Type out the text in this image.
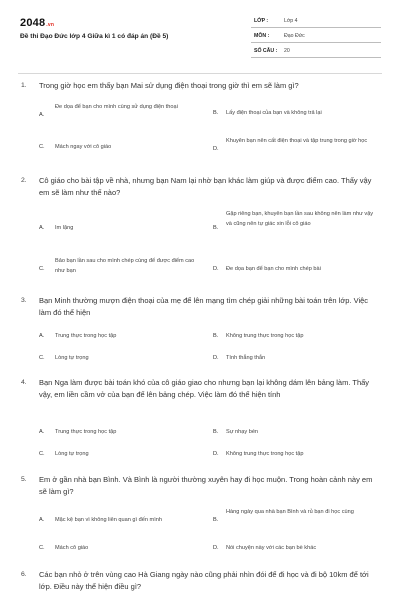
2048.vn
Đề thi Đạo Đức lớp 4 Giữa kì 1 có đáp án (Đề 5)
LỚP :	Lớp 4
MÔN :	Đạo Đức
SỐ CÂU : 20
1. Trong giờ học em thấy bạn Mai sử dụng điện thoại trong giờ thì em sẽ làm gì?
A.
Đe dọa để bạn cho mình cùng sử dụng điện thoại
B. Lấy điện thoại của bạn và không trả lại
C. Mách ngay với cô giáo	D.
Khuyên bạn nên cất điện thoại và tập trung trong giờ học
2. Cô giáo cho bài tập về nhà, nhưng bạn Nam lại nhờ bạn khác làm giúp và được điểm cao. Thấy vậy em sẽ làm như thế nào?
A. Im lặng	B.
Gặp riêng bạn, khuyên bạn lần sau không nên làm như vậy và cũng nên tự giác xin lỗi cô giáo
C.
Bảo bạn lần sau cho mình chép cùng để được điểm cao như bạn	D. Đe dọa bạn để bạn cho mình chép bài
3. Bạn Minh thường mượn điện thoại của mẹ để lên mạng tìm chép giải những bài toán trên lớp. Việc làm đó thể hiện
A. Trung thực trong học tập	B. Không trung thực trong học tập
C. Lòng tự trọng	D. Tính thẳng thắn
4. Bạn Nga làm được bài toán khó của cô giáo giao cho nhưng bạn lại không dám lên bảng làm. Thấy vậy, em liền cầm vở của bạn để lên bảng chép. Việc làm đó thể hiện tính
A. Trung thực trong học tập	B. Sự nhạy bén
C. Lòng tự trọng	D. Không trung thực trong học tập
5. Em ở gần nhà bạn Bình. Và Bình là người thường xuyên hay đi học muộn. Trong hoàn cảnh này em sẽ làm gì?
A. Mặc kệ bạn vì không liên quan gì đến mình	B.
Hàng ngày qua nhà bạn Bình và rủ bạn đi học cùng
C. Mách cô giáo	D. Nói chuyện này với các bạn bè khác
6. Các bạn nhỏ ở trên vùng cao Hà Giang ngày nào cũng phải nhìn đói để đi học và đi bộ 10km để tới lớp. Điều này thể hiện điều gì?
